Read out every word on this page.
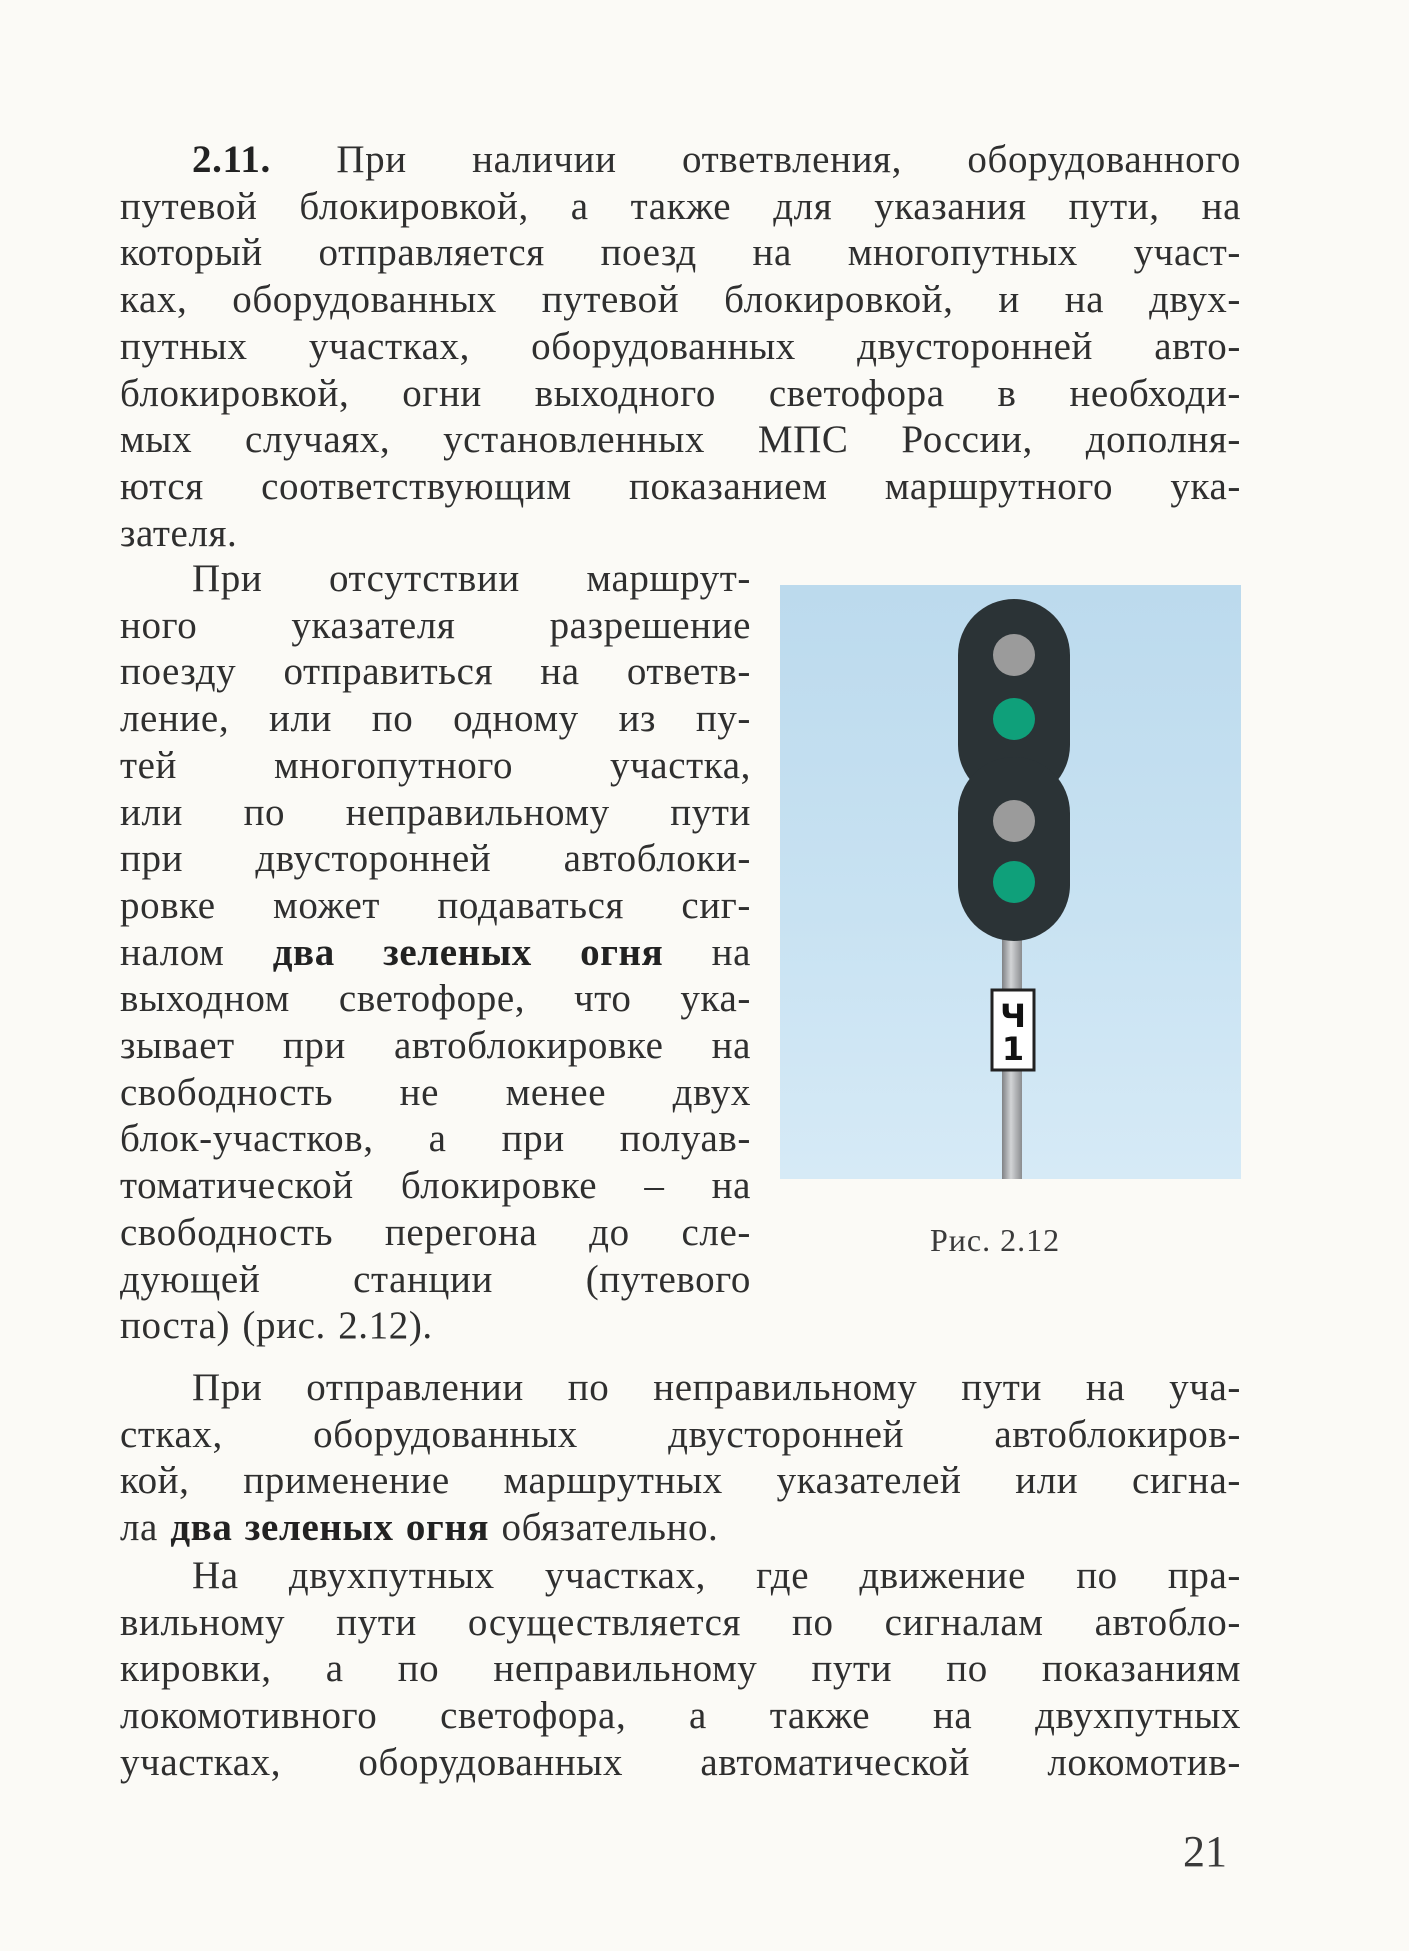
2.11. При наличии ответвления, оборудованного
путевой блокировкой, а также для указания пути, на
который отправляется поезд на многопутных участ-
ках, оборудованных путевой блокировкой, и на двух-
путных участках, оборудованных двусторонней авто-
блокировкой, огни выходного светофора в необходи-
мых случаях, установленных МПС России, дополня-
ются соответствующим показанием маршрутного ука-
зателя.
При отсутствии маршрут-
ного указателя разрешение
поезду отправиться на ответв-
ление, или по одному из пу-
тей многопутного участка,
или по неправильному пути
при двусторонней автоблоки-
ровке может подаваться сиг-
налом два зеленых огня на
выходном светофоре, что ука-
зывает при автоблокировке на
свободность не менее двух
блок-участков, а при полуав-
томатической блокировке – на
свободность перегона до сле-
дующей станции (путевого
поста) (рис. 2.12).
Ч
1
Рис. 2.12
При отправлении по неправильному пути на уча-
стках, оборудованных двусторонней автоблокиров-
кой, применение маршрутных указателей или сигна-
ла два зеленых огня обязательно.
На двухпутных участках, где движение по пра-
вильному пути осуществляется по сигналам автобло-
кировки, а по неправильному пути по показаниям
локомотивного светофора, а также на двухпутных
участках, оборудованных автоматической локомотив-
21
